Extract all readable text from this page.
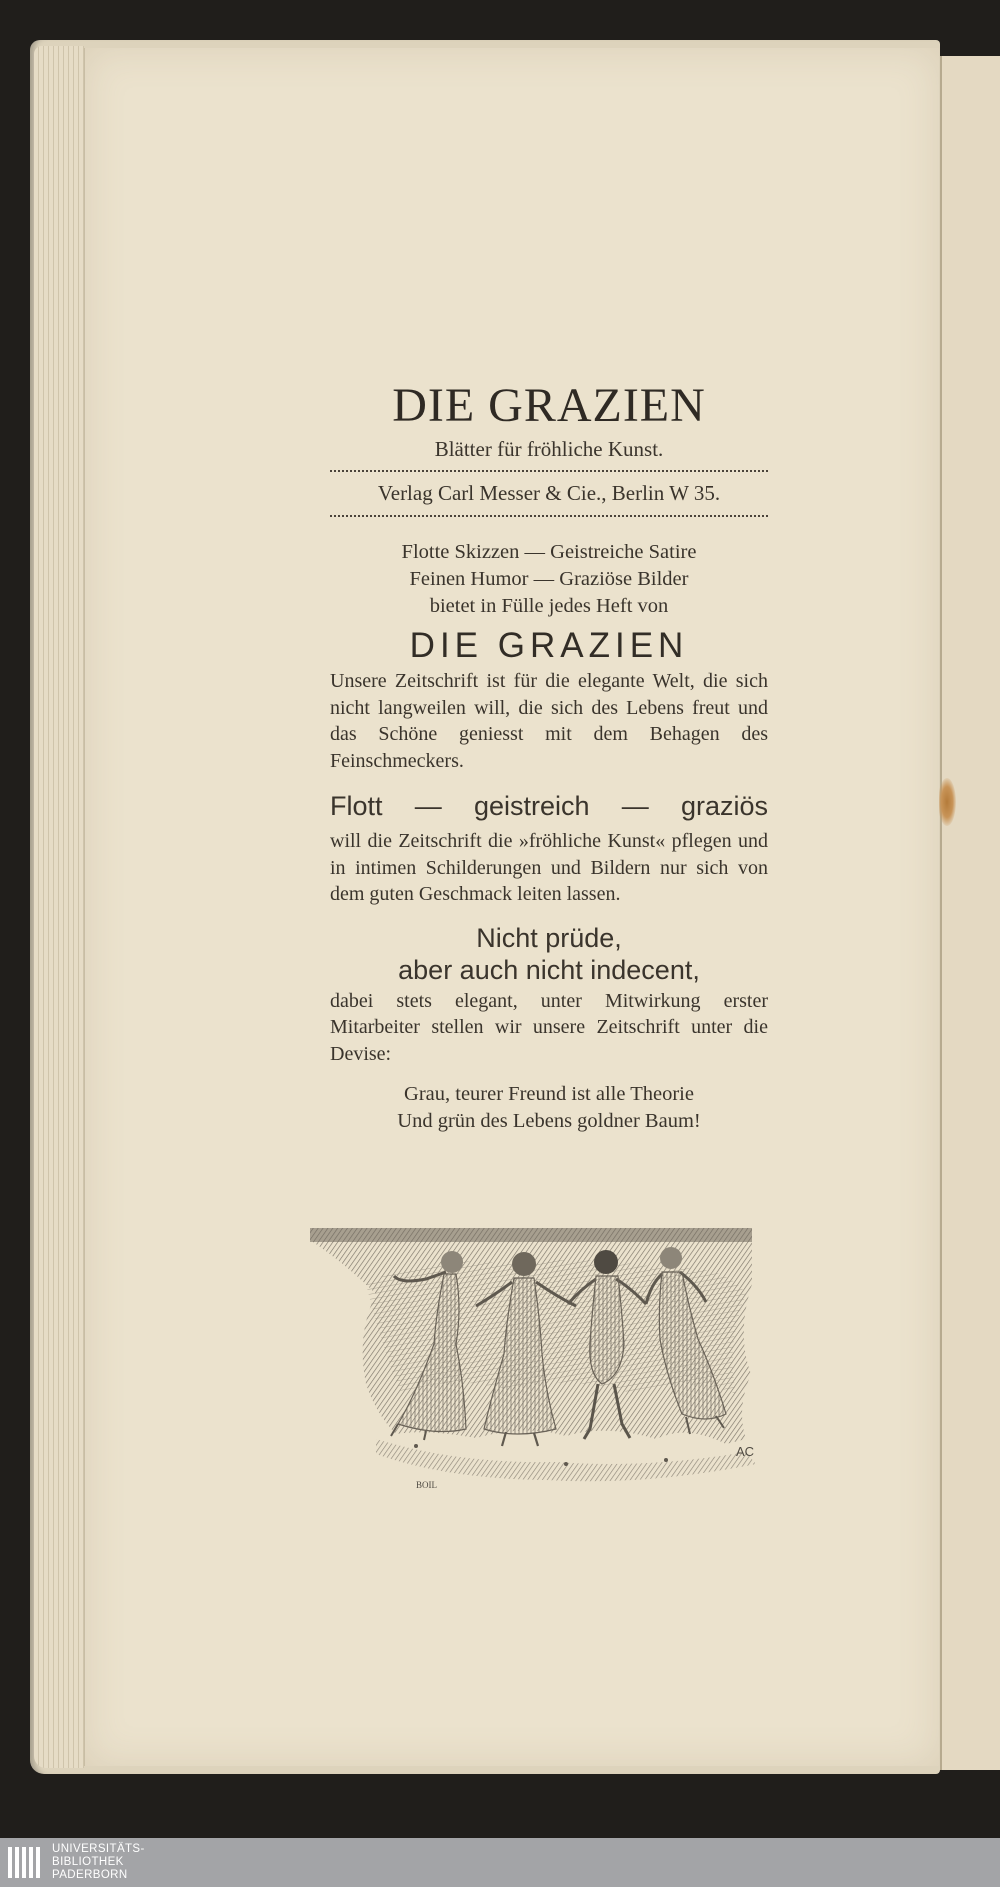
DIE GRAZIEN
Blätter für fröhliche Kunst.
Verlag Carl Messer & Cie., Berlin W 35.

Flotte Skizzen — Geistreiche Satire

Feinen Humor — Graziöse Bilder

bietet in Fülle jedes Heft von

DIE GRAZIEN

Unsere Zeitschrift ist für die elegante Welt, die sich nicht langweilen will, die sich des Lebens freut und das Schöne geniesst mit dem Behagen des Feinschmeckers.

Flott — geistreich — graziös

will die Zeitschrift die »fröhliche Kunst« pflegen und in intimen Schilderungen und Bildern nur sich von dem guten Geschmack leiten lassen.

Nicht prüde,
aber auch nicht indecent,

dabei stets elegant, unter Mitwirkung erster Mitarbeiter stellen wir unsere Zeitschrift unter die Devise:

Grau, teurer Freund ist alle Theorie

Und grün des Lebens goldner Baum!

AC
BOIL
UNIVERSITÄTS-
BIBLIOTHEK
PADERBORN
